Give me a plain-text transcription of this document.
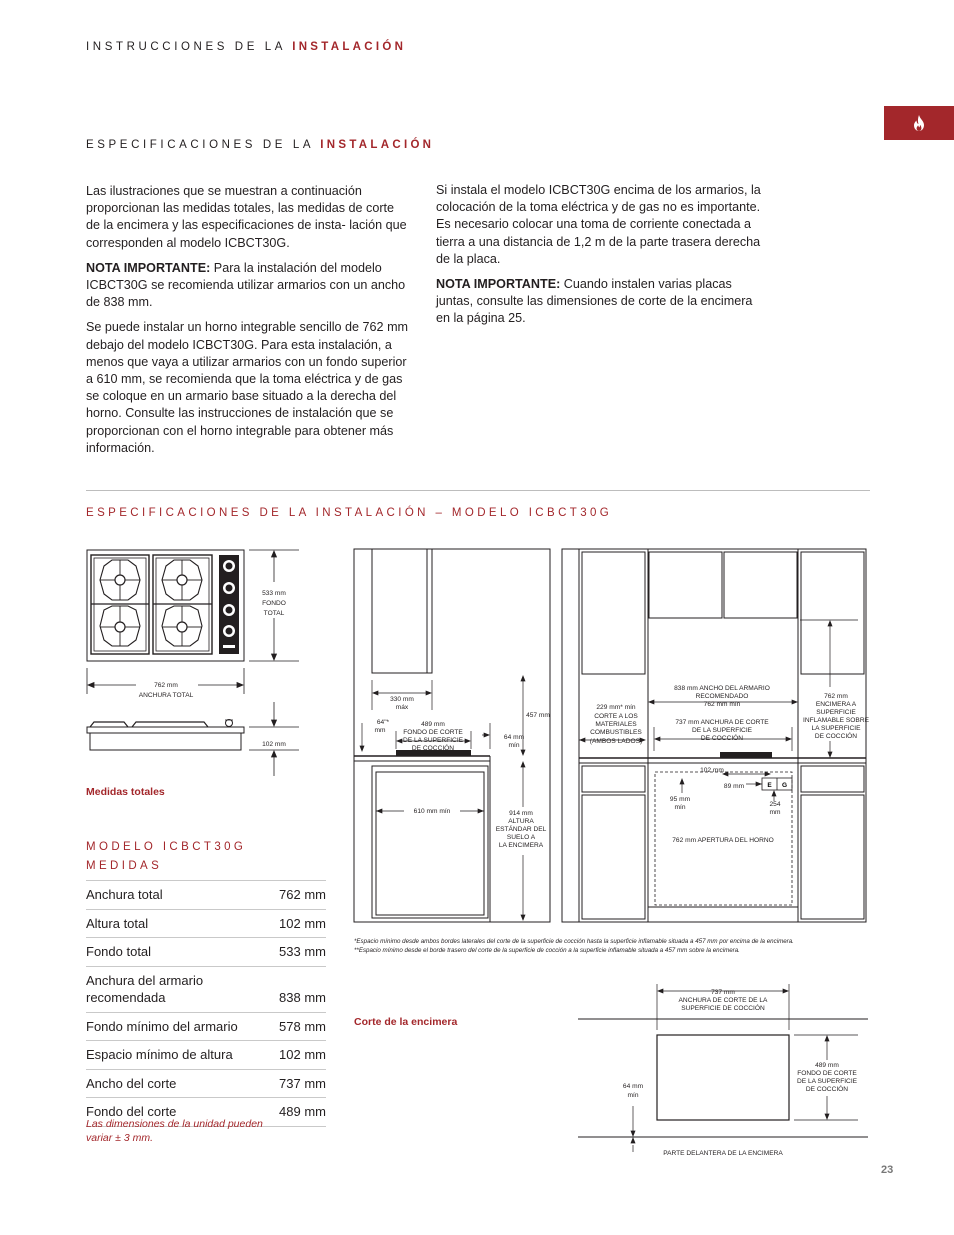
INSTRUCCIONES DE LA INSTALACIÓN
ESPECIFICACIONES DE LA INSTALACIÓN

Las ilustraciones que se muestran a continuación proporcionan las medidas totales, las medidas de corte de la encimera y las especificaciones de insta- lación que corresponden al modelo ICBCT30G.

NOTA IMPORTANTE: Para la instalación del modelo ICBCT30G se recomienda utilizar armarios con un ancho de 838 mm.

Se puede instalar un horno integrable sencillo de 762 mm debajo del modelo ICBCT30G. Para esta instalación, a menos que vaya a utilizar armarios con un fondo superior a 610 mm, se recomienda que la toma eléctrica y de gas se coloque en un armario base situado a la derecha del horno. Consulte las instrucciones de instalación que se proporcionan con el horno integrable para obtener más información.

Si instala el modelo ICBCT30G encima de los armarios, la colocación de la toma eléctrica y de gas no es importante. Es necesario colocar una toma de corriente conectada a tierra a una distancia de 1,2 m de la parte trasera derecha de la placa.

NOTA IMPORTANTE: Cuando instalen varias placas juntas, consulte las dimensiones de corte de la encimera en la página 25.

ESPECIFICACIONES DE LA INSTALACIÓN – MODELO ICBCT30G
533 mm
FONDO
TOTAL
762 mm
ANCHURA TOTAL
102 mm
Medidas totales
MODELO ICBCT30G
MEDIDAS
Anchura total	762 mm
Altura total	102 mm
Fondo total	533 mm
Anchura del armario recomendada	838 mm
Fondo mínimo del armario	578 mm
Espacio mínimo de altura	102 mm
Ancho del corte	737 mm
Fondo del corte	489 mm
Las dimensiones de la unidad pueden
variar ± 3 mm.
330 mm
máx
64"*
mm
489 mm
FONDO DE CORTE
DE LA SUPERFICIE
DE COCCIÓN
64 mm
mín
457 mm
610 mm mín	914 mm
ALTURA
ESTÁNDAR DEL
SUELO A
LA ENCIMERA
E G
229 mm* mín
CORTE A LOS
MATERIALES
COMBUSTIBLES
(AMBOS LADOS)
838 mm ANCHO DEL ARMARIO
RECOMENDADO
762 mm mín
737 mm ANCHURA DE CORTE
DE LA SUPERFICIE
DE COCCIÓN
762 mm
ENCIMERA A
SUPERFICIE
INFLAMABLE SOBRE
LA SUPERFICIE
DE COCCIÓN
102 mm
89 mm
95 mm
mín	254
mm
762 mm APERTURA DEL HORNO
*Espacio mínimo desde ambos bordes laterales del corte de la superficie de cocción hasta la superficie inflamable situada a 457 mm por encima de la encimera.
**Espacio mínimo desde el borde trasero del corte de la superficie de cocción a la superficie inflamable situada a 457 mm sobre la encimera.
Corte de la encimera
737 mm
ANCHURA DE CORTE DE LA
SUPERFICIE DE COCCIÓN
489 mm
FONDO DE CORTE
DE LA SUPERFICIE
DE COCCIÓN
64 mm
mín
PARTE DELANTERA DE LA ENCIMERA
23
